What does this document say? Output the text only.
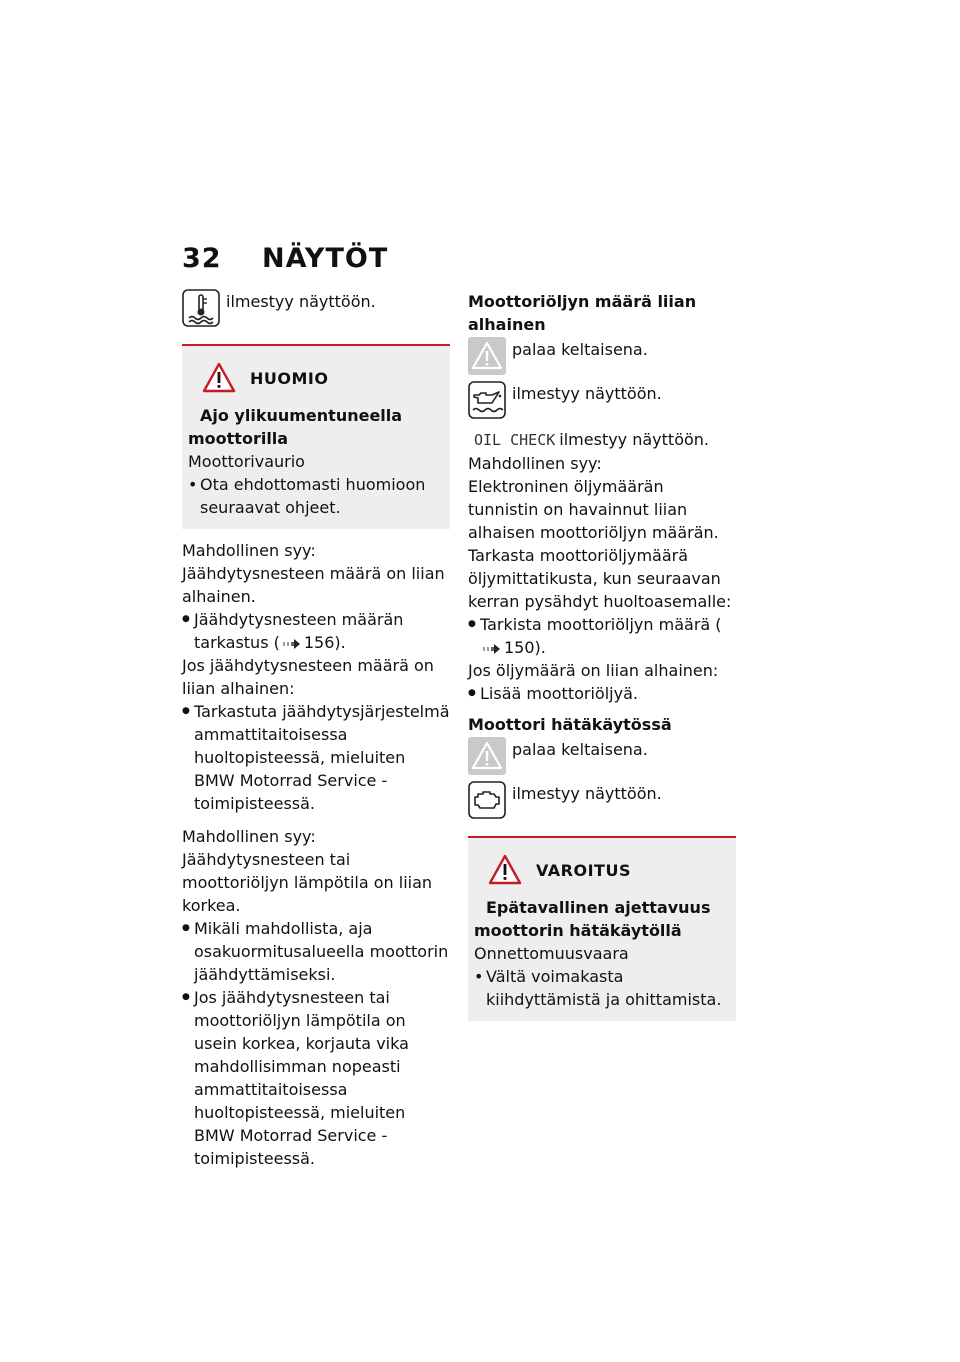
32 NÄYTÖT
ilmestyy näyttöön.
HUOMIO
Ajo ylikuumentuneella
moottorilla
Moottorivaurio
• Ota ehdottomasti huomioon seuraavat ohjeet.

Mahdollinen syy:

Jäähdytysnesteen määrä on liian alhainen.

● Jäähdytysnesteen määrän tarkastus ( 156).

Jos jäähdytysnesteen määrä on liian alhainen:

● Tarkastuta jäähdytysjärjestelmä ammattitaitoisessa huoltopisteessä, mieluiten BMW Motorrad Service -toimipisteessä.

Mahdollinen syy:

Jäähdytysnesteen tai moottoriöljyn lämpötila on liian korkea.

● Mikäli mahdollista, aja osakuormitusalueella moottorin jäähdyttämiseksi.
● Jos jäähdytysnesteen tai moottoriöljyn lämpötila on usein korkea, korjauta vika mahdollisimman nopeasti ammattitaitoisessa huoltopisteessä, mieluiten BMW Motorrad Service -toimipisteessä.
Moottoriöljyn määrä liian alhainen
palaa keltaisena.
ilmestyy näyttöön.

OIL CHECK ilmestyy näyttöön.

Mahdollinen syy:

Elektroninen öljymäärän tunnistin on havainnut liian alhaisen moottoriöljyn määrän. Tarkasta moottoriöljymäärä öljymittatikusta, kun seuraavan kerran pysähdyt huoltoasemalle:

● Tarkista moottoriöljyn määrä (150).

Jos öljymäärä on liian alhainen:

● Lisää moottoriöljyä.
Moottori hätäkäytössä
palaa keltaisena.
ilmestyy näyttöön.
VAROITUS
Epätavallinen ajettavuus
moottorin hätäkäytöllä
Onnettomuusvaara
• Vältä voimakasta kiihdyttämistä ja ohittamista.
